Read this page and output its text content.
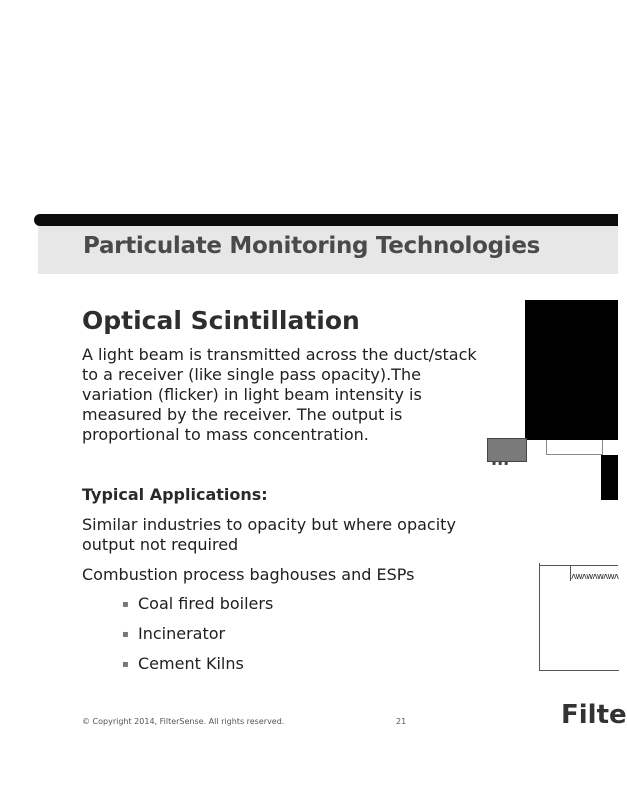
Particulate Monitoring Technologies
Optical Scintillation
A light beam is transmitted across the duct/stack to a receiver (like single pass opacity).The variation (flicker) in light beam intensity is measured by the receiver. The output is proportional to mass concentration.
Typical Applications:
Similar industries to opacity but where opacity output not required
Combustion process baghouses and ESPs
▪ Coal fired boilers
▪ Incinerator
▪ Cement Kilns
▪▪▪
ᴧᴡᴧᴡᴧᴡᴧᴡᴧ
© Copyright 2014, FilterSense. All rights reserved.	21	Filte
